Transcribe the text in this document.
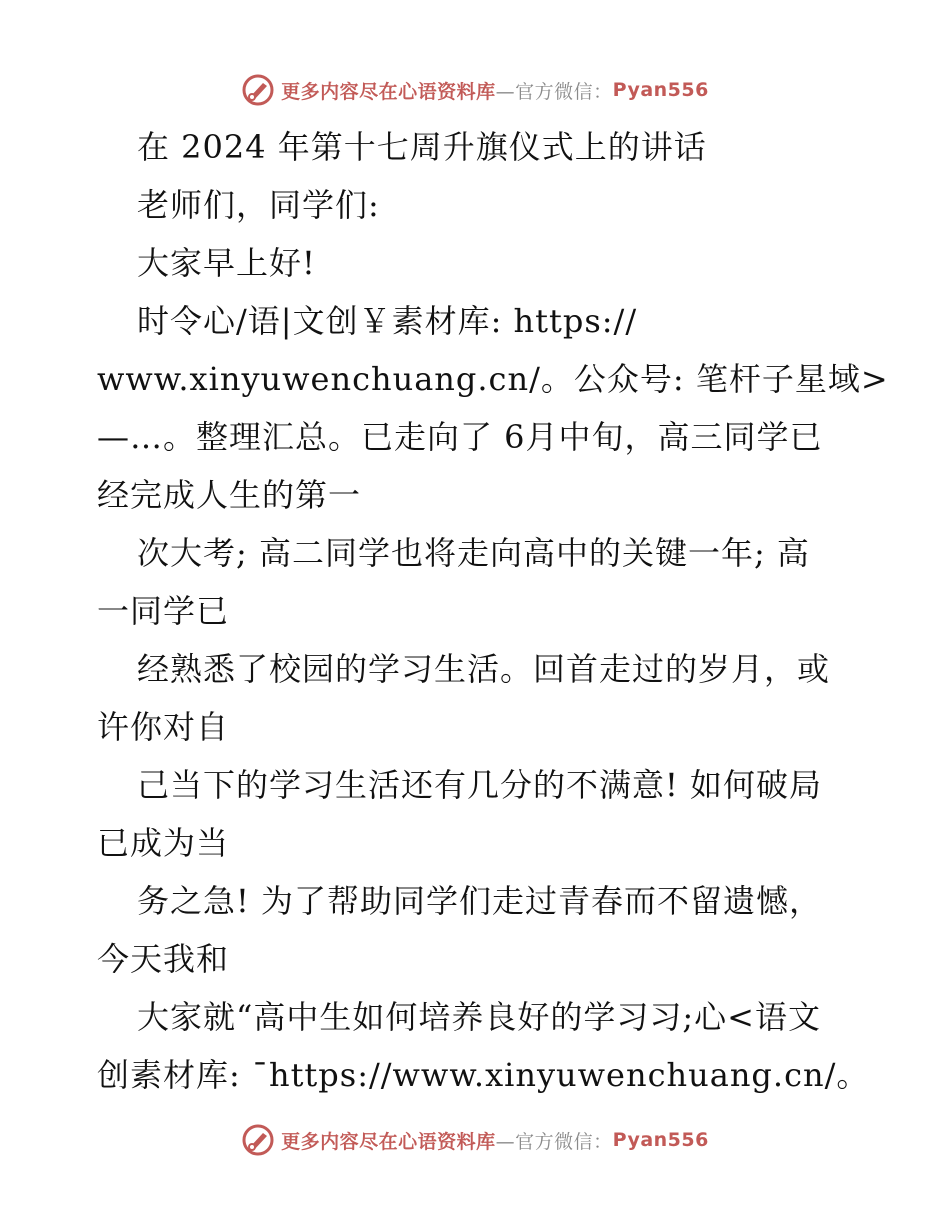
更多内容尽在心语资料库 —官方微信： Pyan556
在 2024 年第十七周升旗仪式上的讲话
老师们，同学们:
大家早上好!
时令心/语|文创￥素材库: https://
www.xinyuwenchuang.cn/。公众号: 笔杆子星域>
—…。整理汇总。已走向了 6月中旬，高三同学已
经完成人生的第一
次大考; 高二同学也将走向高中的关键一年; 高
一同学已
经熟悉了校园的学习生活。回首走过的岁月，或
许你对自
己当下的学习生活还有几分的不满意! 如何破局
已成为当
务之急! 为了帮助同学们走过青春而不留遗憾，
今天我和
大家就“高中生如何培养良好的学习习;心<语文
创素材库: ¯https://www.xinyuwenchuang.cn/。
更多内容尽在心语资料库 —官方微信： Pyan556
